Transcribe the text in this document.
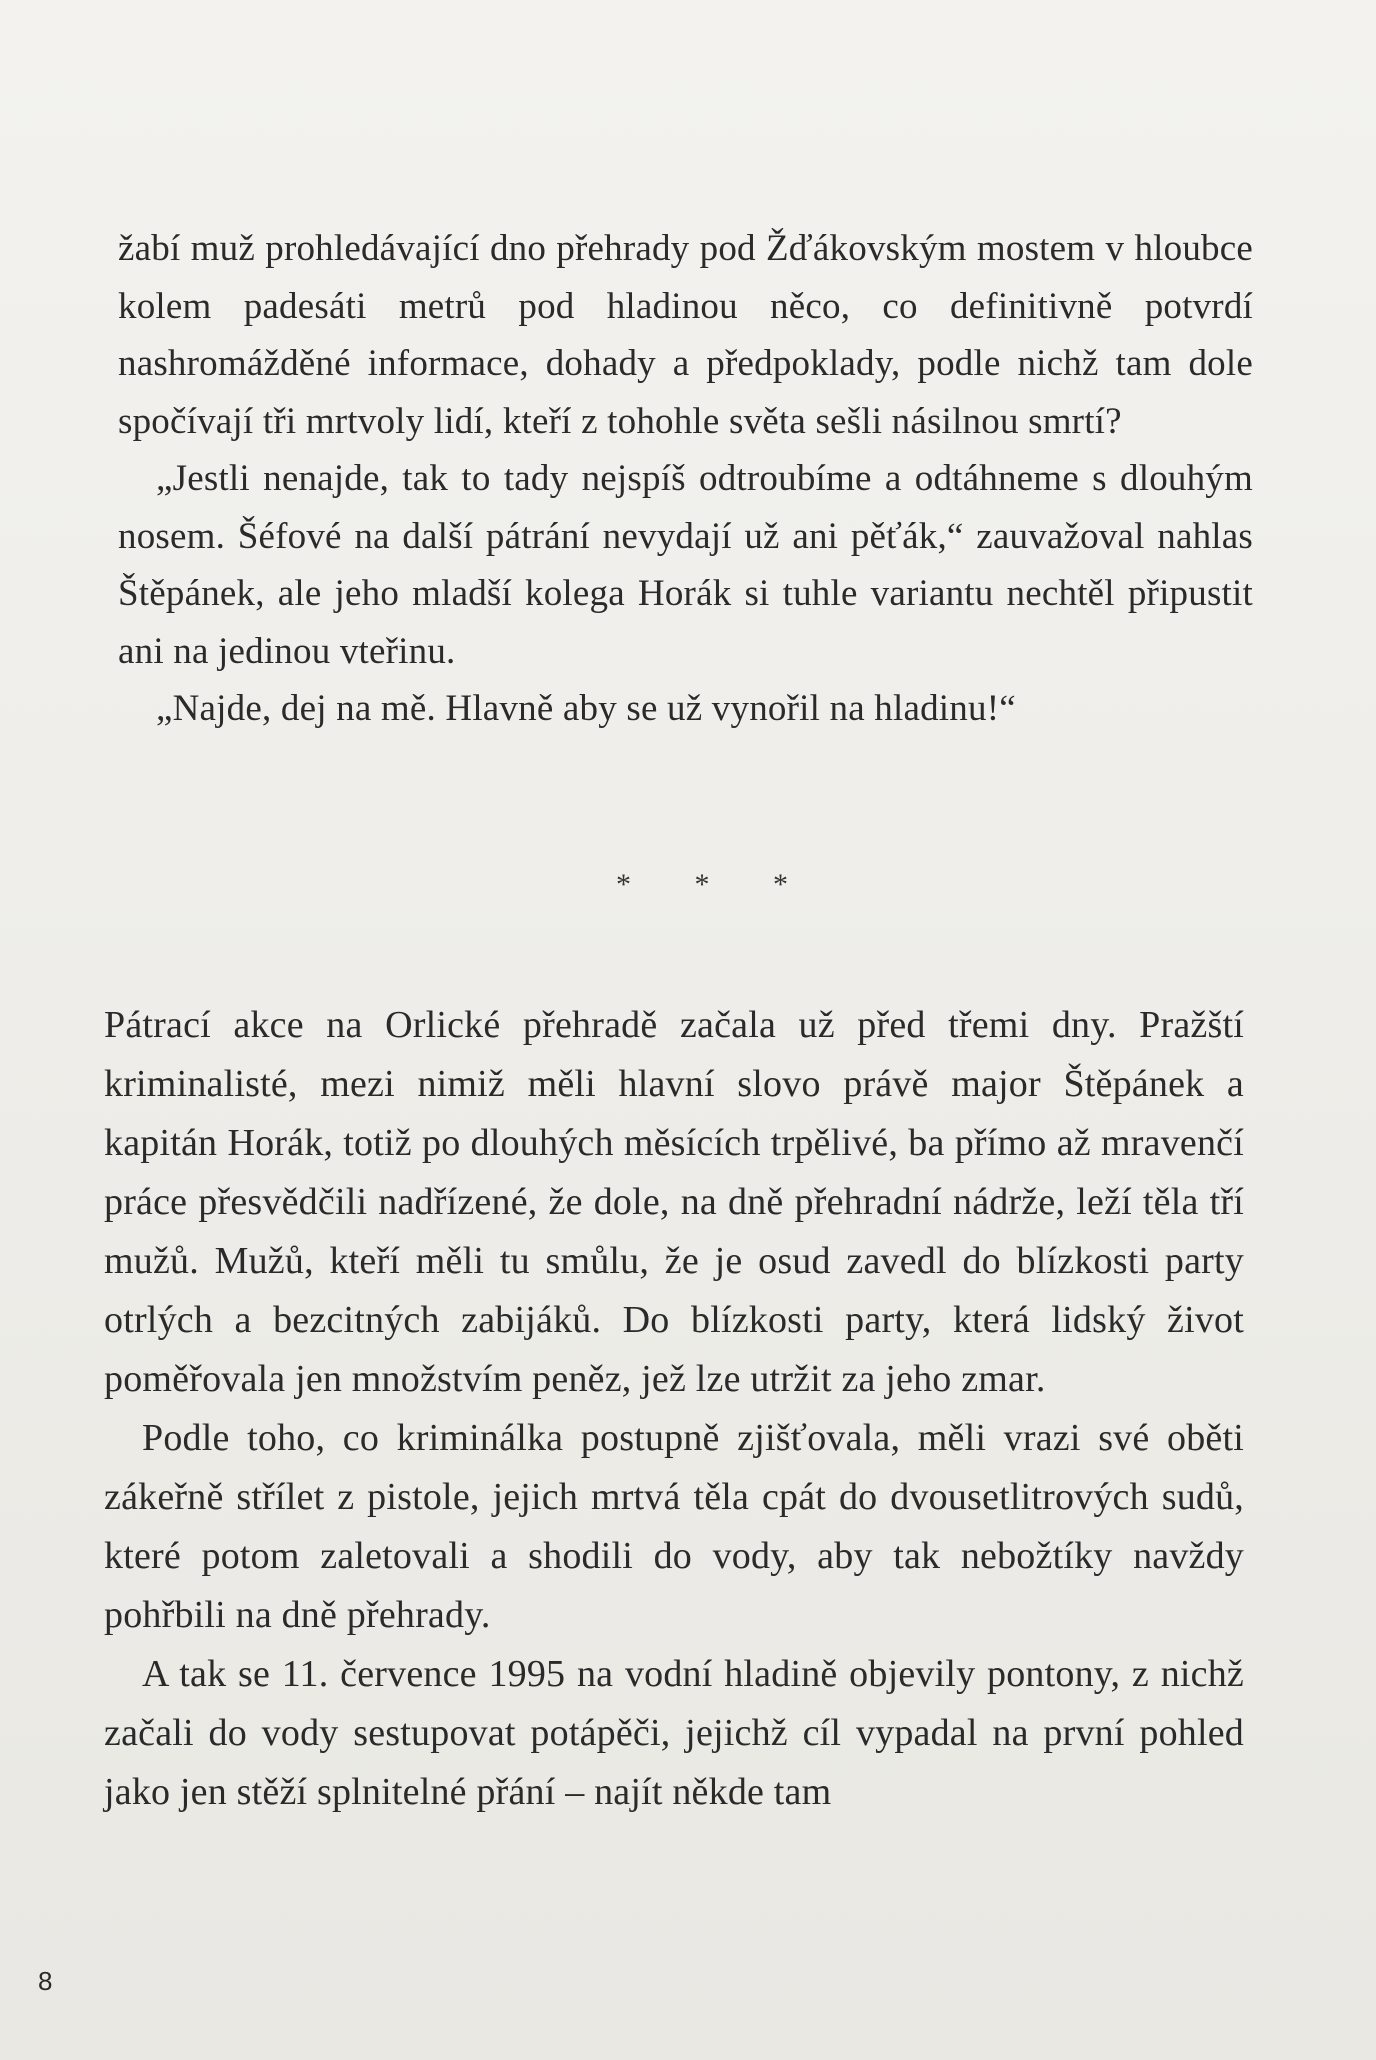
žabí muž prohledávající dno přehrady pod Žďákovským mostem v hloubce kolem padesáti metrů pod hladinou něco, co definitivně potvrdí nashromážděné informace, dohady a předpoklady, podle nichž tam dole spočívají tři mrtvoly lidí, kteří z tohohle světa sešli násilnou smrtí?

„Jestli nenajde, tak to tady nejspíš odtroubíme a odtáhneme s dlouhým nosem. Šéfové na další pátrání nevydají už ani pěťák,“ zauvažoval nahlas Štěpánek, ale jeho mladší kolega Horák si tuhle variantu nechtěl připustit ani na jedinou vteřinu.

„Najde, dej na mě. Hlavně aby se už vynořil na hladinu!“

* * *

Pátrací akce na Orlické přehradě začala už před třemi dny. Pražští kriminalisté, mezi nimiž měli hlavní slovo právě major Štěpánek a kapitán Horák, totiž po dlouhých měsících trpělivé, ba přímo až mravenčí práce přesvědčili nadřízené, že dole, na dně přehradní nádrže, leží těla tří mužů. Mužů, kteří měli tu smůlu, že je osud zavedl do blízkosti party otrlých a bezcitných zabijáků. Do blízkosti party, která lidský život poměřovala jen množstvím peněz, jež lze utržit za jeho zmar.

Podle toho, co kriminálka postupně zjišťovala, měli vrazi své oběti zákeřně střílet z pistole, jejich mrtvá těla cpát do dvousetlitrových sudů, které potom zaletovali a shodili do vody, aby tak nebožtíky navždy pohřbili na dně přehrady.

A tak se 11. července 1995 na vodní hladině objevily pontony, z nichž začali do vody sestupovat potápěči, jejichž cíl vypadal na první pohled jako jen stěží splnitelné přání – najít někde tam

8
